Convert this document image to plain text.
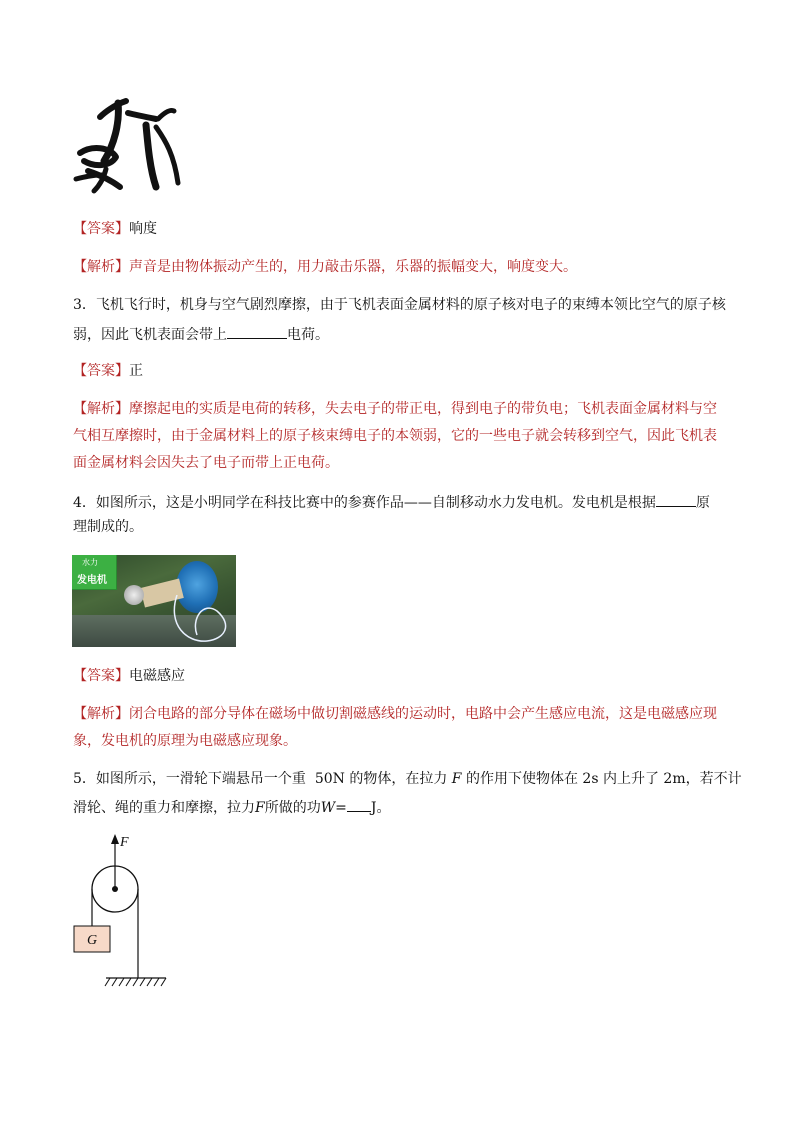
【答案】响度
【解析】声音是由物体振动产生的，用力敲击乐器，乐器的振幅变大，响度变大。
3．飞机飞行时，机身与空气剧烈摩擦，由于飞机表面金属材料的原子核对电子的束缚本领比空气的原子核
弱，因此飞机表面会带上	电荷。
【答案】正
【解析】摩擦起电的实质是电荷的转移，失去电子的带正电，得到电子的带负电；飞机表面金属材料与空
气相互摩擦时，由于金属材料上的原子核束缚电子的本领弱，它的一些电子就会转移到空气，因此飞机表
面金属材料会因失去了电子而带上正电荷。
4．如图所示，这是小明同学在科技比赛中的参赛作品——自制移动水力发电机。发电机是根据	原
理制成的。
水力
发电机
【答案】电磁感应
【解析】闭合电路的部分导体在磁场中做切割磁感线的运动时，电路中会产生感应电流，这是电磁感应现
象，发电机的原理为电磁感应现象。
5．如图所示，一滑轮下端悬吊一个重 50N 的物体，在拉力 F 的作用下使物体在 2s 内上升了 2m，若不计
滑轮、绳的重力和摩擦，拉力F所做的功W= J。
F
G
